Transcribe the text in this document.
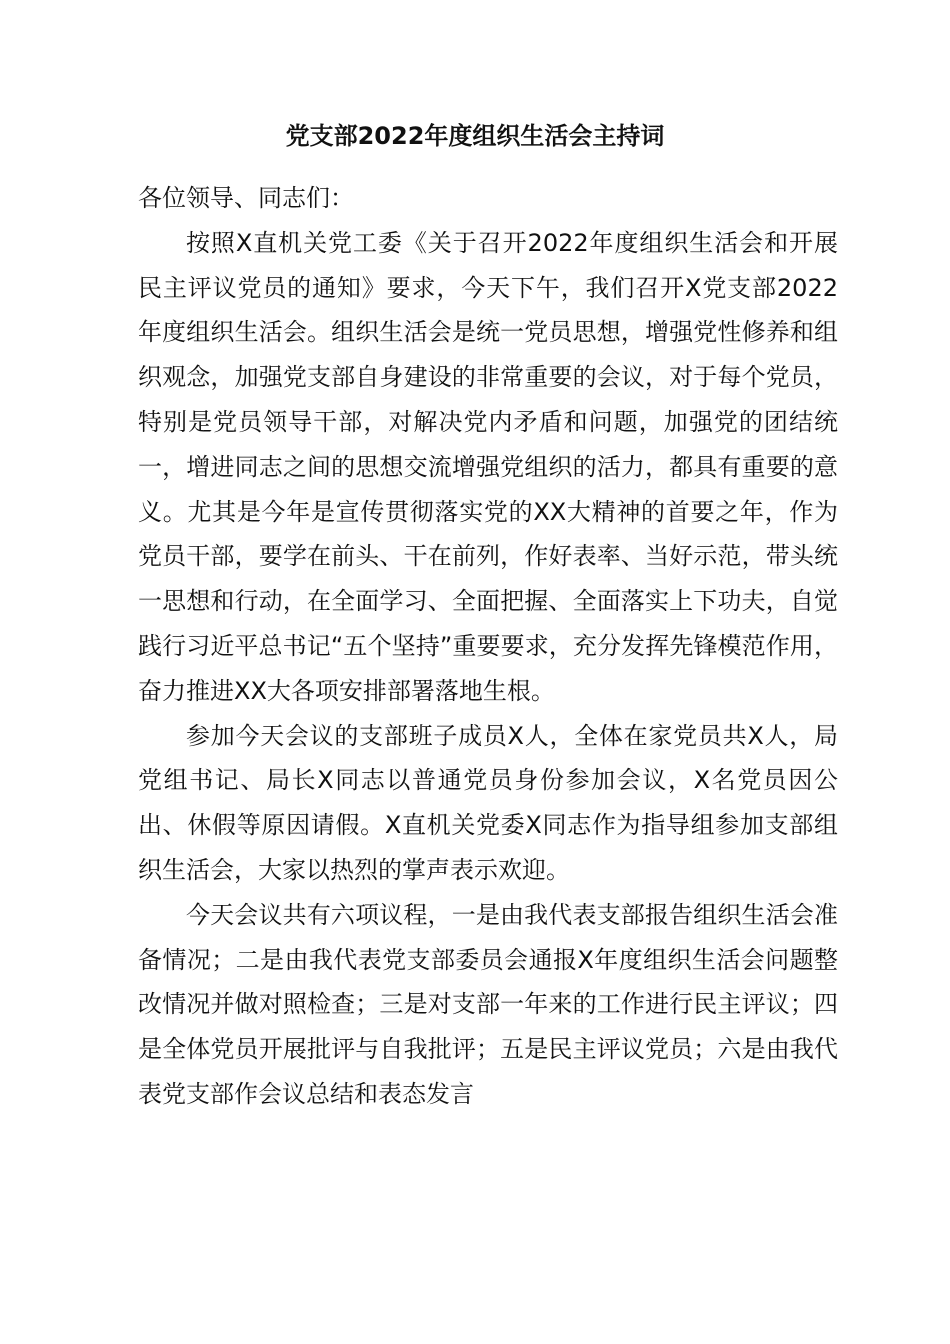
党支部2022年度组织生活会主持词

各位领导、同志们：

按照X直机关党工委《关于召开2022年度组织生活会和开展民主评议党员的通知》要求，今天下午，我们召开X党支部2022年度组织生活会。组织生活会是统一党员思想，增强党性修养和组织观念，加强党支部自身建设的非常重要的会议，对于每个党员，特别是党员领导干部，对解决党内矛盾和问题，加强党的团结统一，增进同志之间的思想交流增强党组织的活力，都具有重要的意义。尤其是今年是宣传贯彻落实党的XX大精神的首要之年，作为党员干部，要学在前头、干在前列，作好表率、当好示范，带头统一思想和行动，在全面学习、全面把握、全面落实上下功夫，自觉践行习近平总书记“五个坚持”重要要求，充分发挥先锋模范作用，奋力推进XX大各项安排部署落地生根。

参加今天会议的支部班子成员X人，全体在家党员共X人，局党组书记、局长X同志以普通党员身份参加会议，X名党员因公出、休假等原因请假。X直机关党委X同志作为指导组参加支部组织生活会，大家以热烈的掌声表示欢迎。

今天会议共有六项议程，一是由我代表支部报告组织生活会准备情况；二是由我代表党支部委员会通报X年度组织生活会问题整改情况并做对照检查；三是对支部一年来的工作进行民主评议；四是全体党员开展批评与自我批评；五是民主评议党员；六是由我代表党支部作会议总结和表态发言
